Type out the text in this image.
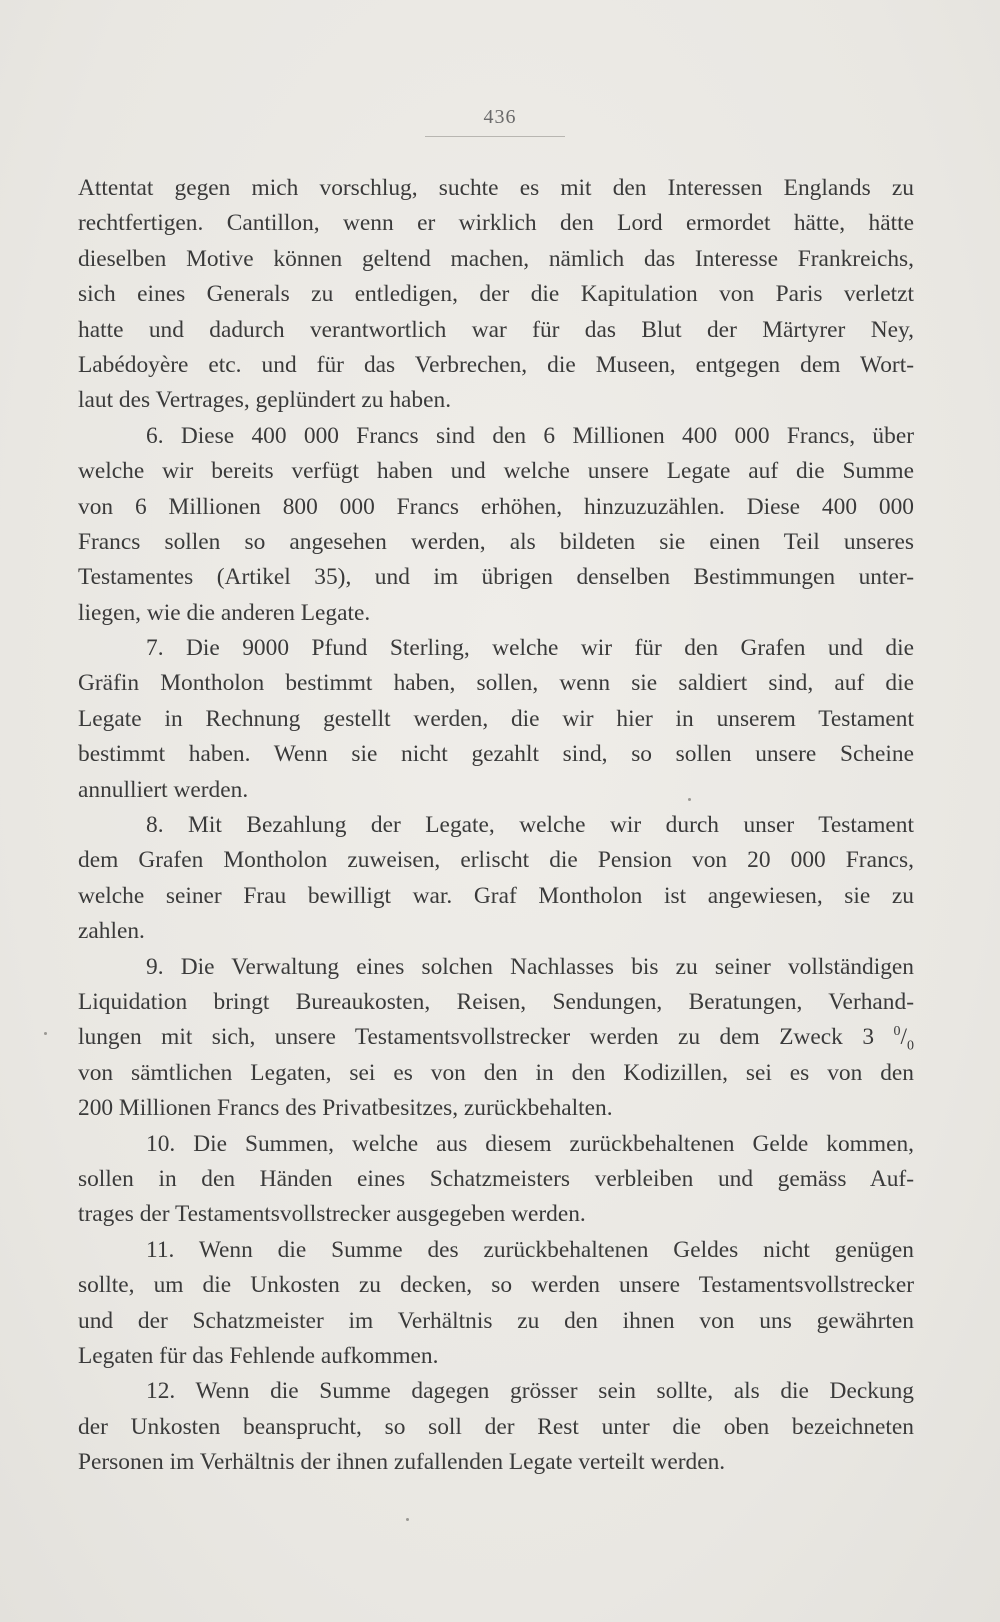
436
Attentat gegen mich vorschlug, suchte es mit den Interessen Englands zu
rechtfertigen. Cantillon, wenn er wirklich den Lord ermordet hätte, hätte
dieselben Motive können geltend machen, nämlich das Interesse Frankreichs,
sich eines Generals zu entledigen, der die Kapitulation von Paris verletzt
hatte und dadurch verantwortlich war für das Blut der Märtyrer Ney,
Labédoyère etc. und für das Verbrechen, die Museen, entgegen dem Wort-
laut des Vertrages, geplündert zu haben.
6. Diese 400 000 Francs sind den 6 Millionen 400 000 Francs, über
welche wir bereits verfügt haben und welche unsere Legate auf die Summe
von 6 Millionen 800 000 Francs erhöhen, hinzuzuzählen. Diese 400 000
Francs sollen so angesehen werden, als bildeten sie einen Teil unseres
Testamentes (Artikel 35), und im übrigen denselben Bestimmungen unter-
liegen, wie die anderen Legate.
7. Die 9000 Pfund Sterling, welche wir für den Grafen und die
Gräfin Montholon bestimmt haben, sollen, wenn sie saldiert sind, auf die
Legate in Rechnung gestellt werden, die wir hier in unserem Testament
bestimmt haben. Wenn sie nicht gezahlt sind, so sollen unsere Scheine
annulliert werden.
8. Mit Bezahlung der Legate, welche wir durch unser Testament
dem Grafen Montholon zuweisen, erlischt die Pension von 20 000 Francs,
welche seiner Frau bewilligt war. Graf Montholon ist angewiesen, sie zu
zahlen.
9. Die Verwaltung eines solchen Nachlasses bis zu seiner vollständigen
Liquidation bringt Bureaukosten, Reisen, Sendungen, Beratungen, Verhand-
lungen mit sich, unsere Testamentsvollstrecker werden zu dem Zweck 3 $^0/_0$
von sämtlichen Legaten, sei es von den in den Kodizillen, sei es von den
200 Millionen Francs des Privatbesitzes, zurückbehalten.
10. Die Summen, welche aus diesem zurückbehaltenen Gelde kommen,
sollen in den Händen eines Schatzmeisters verbleiben und gemäss Auf-
trages der Testamentsvollstrecker ausgegeben werden.
11. Wenn die Summe des zurückbehaltenen Geldes nicht genügen
sollte, um die Unkosten zu decken, so werden unsere Testamentsvollstrecker
und der Schatzmeister im Verhältnis zu den ihnen von uns gewährten
Legaten für das Fehlende aufkommen.
12. Wenn die Summe dagegen grösser sein sollte, als die Deckung
der Unkosten beansprucht, so soll der Rest unter die oben bezeichneten
Personen im Verhältnis der ihnen zufallenden Legate verteilt werden.
